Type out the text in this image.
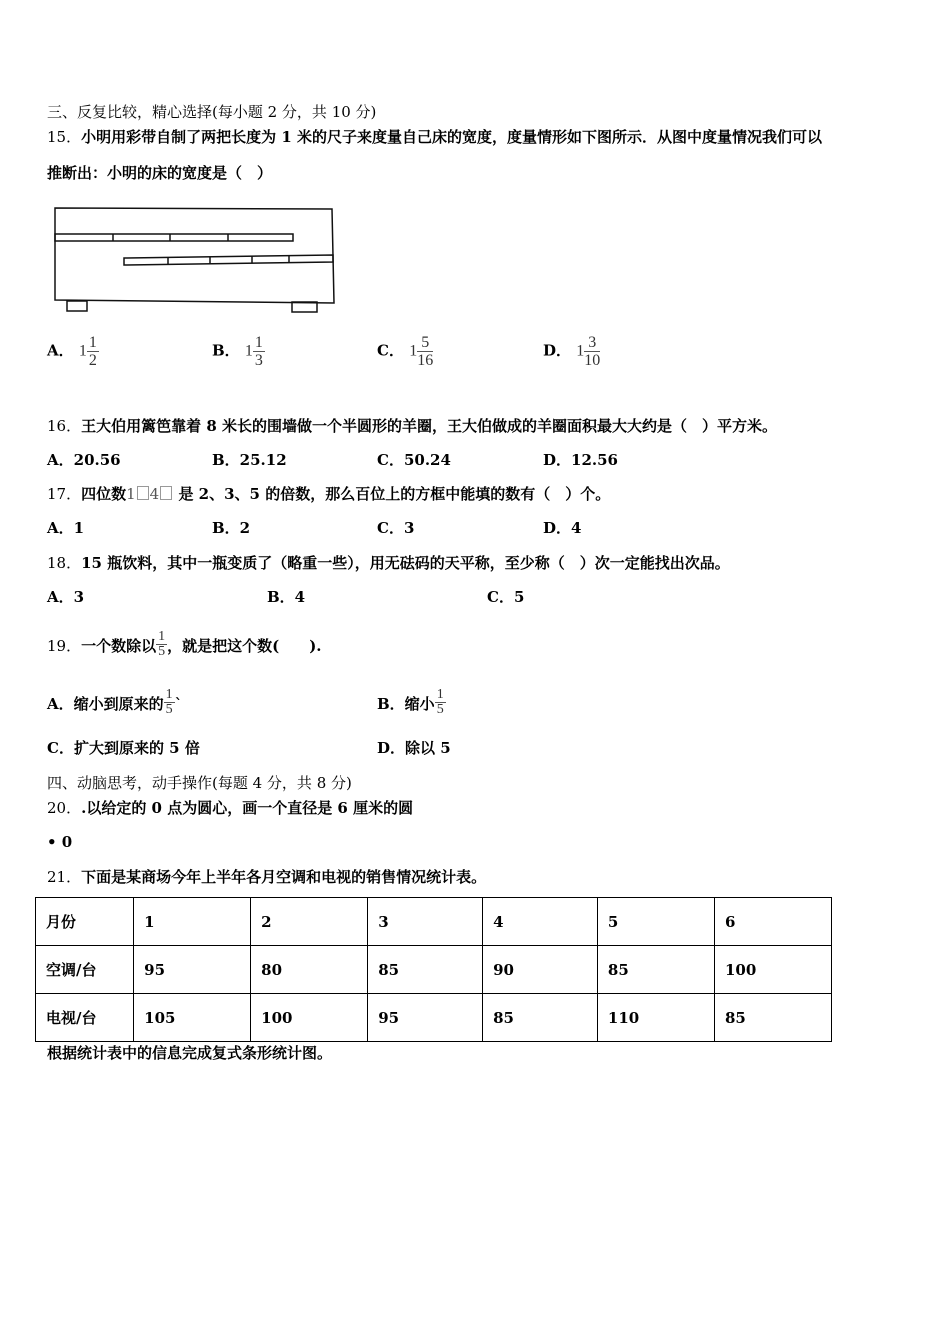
三、反复比较，精心选择(每小题 2 分，共 10 分)
15．小明用彩带自制了两把长度为 1 米的尺子来度量自己床的宽度，度量情形如下图所示．从图中度量情况我们可以
推断出：小明的床的宽度是（　）
A． $1 \frac{1}{2}$	B． $1 \frac{1}{3}$	C． $1 \frac{5}{16}$	D． $1 \frac{3}{10}$
16．王大伯用篱笆靠着 8 米长的围墙做一个半圆形的羊圈，王大伯做成的羊圈面积最大大约是（　）平方米。
A．20.56	B．25.12	C．50.24	D．12.56
17．四位数1 4 是 2、3、5 的倍数，那么百位上的方框中能填的数有（　）个。
A．1	B．2	C．3	D．4
18．15 瓶饮料，其中一瓶变质了（略重一些），用无砝码的天平称，至少称（　）次一定能找出次品。
A．3	B．4	C．5
19．一个数除以 $\frac{1}{5}$ ，就是把这个数(　　).
A．缩小到原来的 $\frac{1}{5}$ `	B．缩小 $\frac{1}{5}$
C．扩大到原来的 5 倍	D．除以 5
四、动脑思考，动手操作(每题 4 分，共 8 分)
20．.以给定的 0 点为圆心，画一个直径是 6 厘米的圆
• 0
21．下面是某商场今年上半年各月空调和电视的销售情况统计表。
月份	1	2	3	4	5	6
空调/台	95	80	85	90	85	100
电视/台	105	100	95	85	110	85
根据统计表中的信息完成复式条形统计图。
